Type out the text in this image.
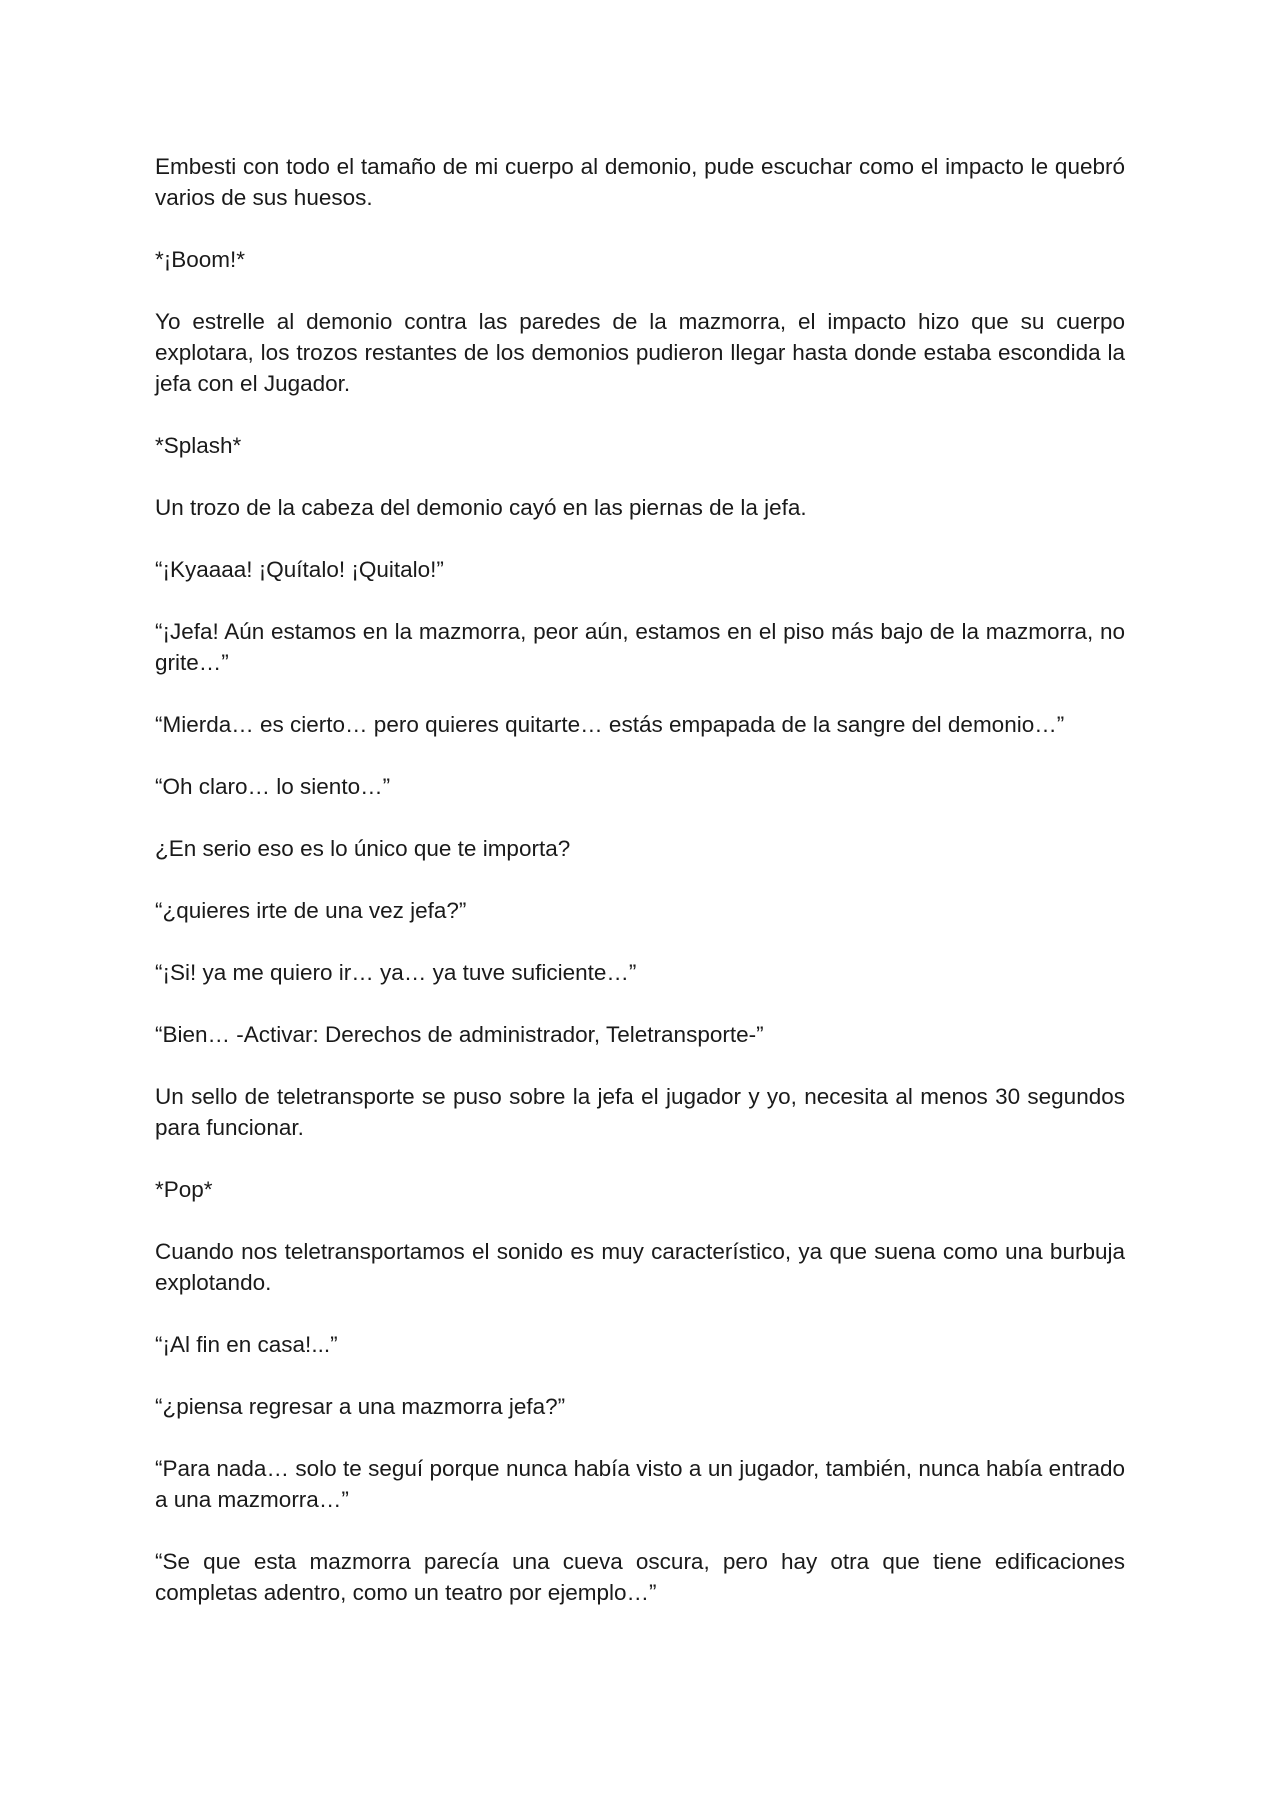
Embesti con todo el tamaño de mi cuerpo al demonio, pude escuchar como el impacto le quebró varios de sus huesos.

*¡Boom!*

Yo estrelle al demonio contra las paredes de la mazmorra, el impacto hizo que su cuerpo explotara, los trozos restantes de los demonios pudieron llegar hasta donde estaba escondida la jefa con el Jugador.

*Splash*

Un trozo de la cabeza del demonio cayó en las piernas de la jefa.

“¡Kyaaaa! ¡Quítalo! ¡Quitalo!”

“¡Jefa! Aún estamos en la mazmorra, peor aún, estamos en el piso más bajo de la mazmorra, no grite…”

“Mierda… es cierto… pero quieres quitarte… estás empapada de la sangre del demonio…”

“Oh claro… lo siento…”

¿En serio eso es lo único que te importa?

“¿quieres irte de una vez jefa?”

“¡Si! ya me quiero ir… ya… ya tuve suficiente…”

“Bien… -Activar: Derechos de administrador, Teletransporte-”

Un sello de teletransporte se puso sobre la jefa el jugador y yo, necesita al menos 30 segundos para funcionar.

*Pop*

Cuando nos teletransportamos el sonido es muy característico, ya que suena como una burbuja explotando.

“¡Al fin en casa!...”

“¿piensa regresar a una mazmorra jefa?”

“Para nada… solo te seguí porque nunca había visto a un jugador, también, nunca había entrado a una mazmorra…”

“Se que esta mazmorra parecía una cueva oscura, pero hay otra que tiene edificaciones completas adentro, como un teatro por ejemplo…”
